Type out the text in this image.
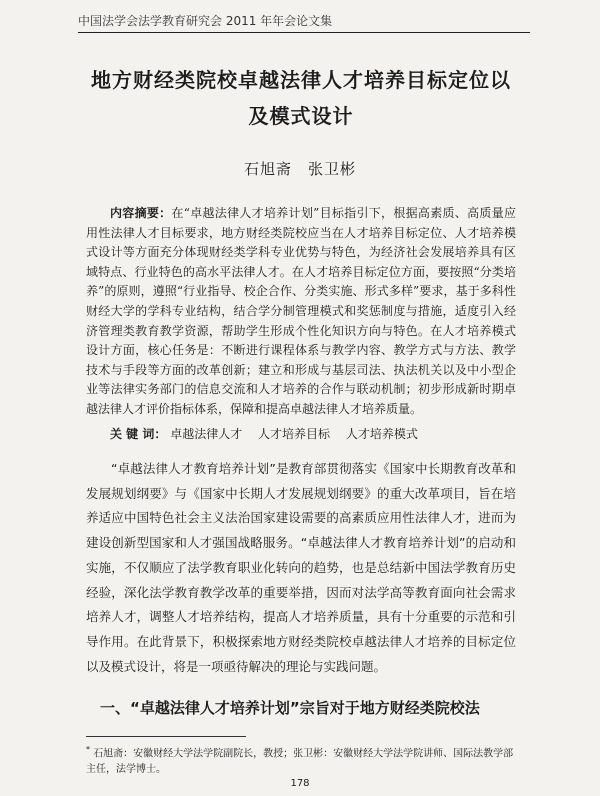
中国法学会法学教育研究会 2011 年年会论文集
地方财经类院校卓越法律人才培养目标定位以及模式设计
石旭斋 张卫彬
内容摘要：在“卓越法律人才培养计划”目标指引下，根据高素质、高质量应用性法律人才目标要求，地方财经类院校应当在人才培养目标定位、人才培养模式设计等方面充分体现财经类学科专业优势与特色，为经济社会发展培养具有区域特点、行业特色的高水平法律人才。在人才培养目标定位方面，要按照“分类培养”的原则，遵照“行业指导、校企合作、分类实施、形式多样”要求，基于多科性财经大学的学科专业结构，结合学分制管理模式和奖惩制度与措施，适度引入经济管理类教育教学资源，帮助学生形成个性化知识方向与特色。在人才培养模式设计方面，核心任务是：不断进行课程体系与教学内容、教学方式与方法、教学技术与手段等方面的改革创新；建立和形成与基层司法、执法机关以及中小型企业等法律实务部门的信息交流和人才培养的合作与联动机制；初步形成新时期卓越法律人才评价指标体系，保障和提高卓越法律人才培养质量。
关 键 词： 卓越法律人才 人才培养目标 人才培养模式
“卓越法律人才教育培养计划”是教育部贯彻落实《国家中长期教育改革和发展规划纲要》与《国家中长期人才发展规划纲要》的重大改革项目，旨在培养适应中国特色社会主义法治国家建设需要的高素质应用性法律人才，进而为建设创新型国家和人才强国战略服务。“卓越法律人才教育培养计划”的启动和实施，不仅顺应了法学教育职业化转向的趋势，也是总结新中国法学教育历史经验，深化法学教育教学改革的重要举措，因而对法学高等教育面向社会需求培养人才，调整人才培养结构，提高人才培养质量，具有十分重要的示范和引导作用。在此背景下，积极探索地方财经类院校卓越法律人才培养的目标定位以及模式设计，将是一项亟待解决的理论与实践问题。
一、“卓越法律人才培养计划”宗旨对于地方财经类院校法
* 石旭斋：安徽财经大学法学院副院长，教授；张卫彬：安徽财经大学法学院讲师、国际法教学部主任，法学博士。
178
